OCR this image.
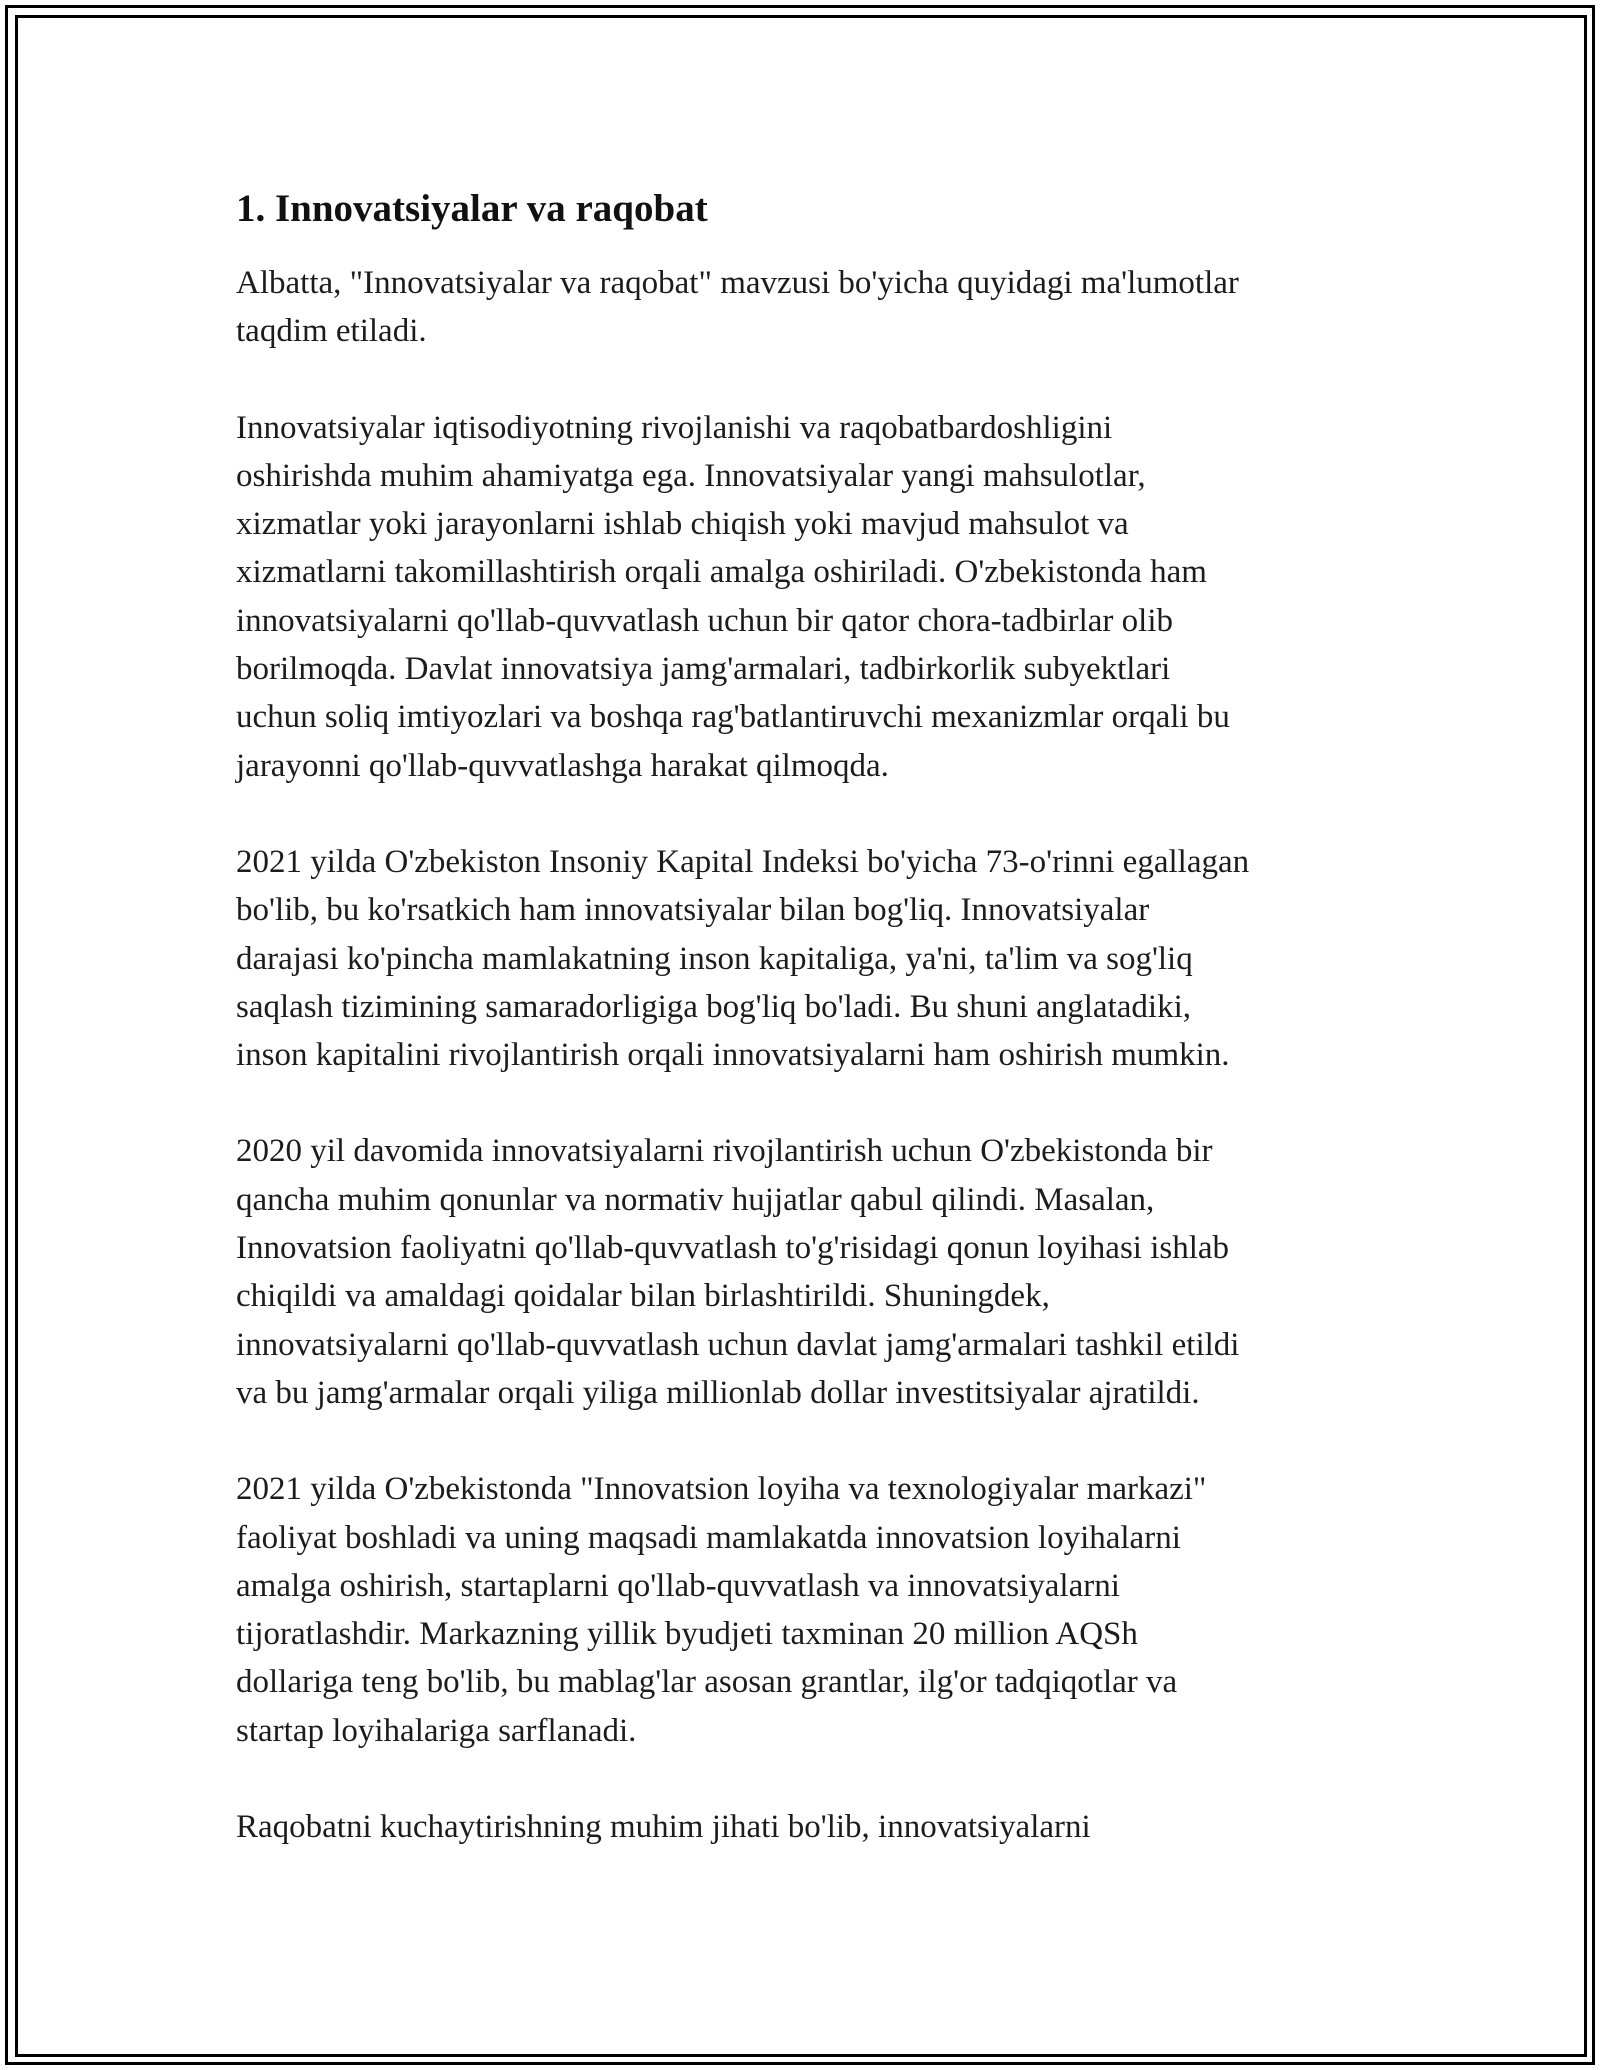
1. Innovatsiyalar va raqobat

Albatta, "Innovatsiyalar va raqobat" mavzusi bo'yicha quyidagi ma'lumotlar
taqdim etiladi.

Innovatsiyalar iqtisodiyotning rivojlanishi va raqobatbardoshligini
oshirishda muhim ahamiyatga ega. Innovatsiyalar yangi mahsulotlar,
xizmatlar yoki jarayonlarni ishlab chiqish yoki mavjud mahsulot va
xizmatlarni takomillashtirish orqali amalga oshiriladi. O'zbekistonda ham
innovatsiyalarni qo'llab-quvvatlash uchun bir qator chora-tadbirlar olib
borilmoqda. Davlat innovatsiya jamg'armalari, tadbirkorlik subyektlari
uchun soliq imtiyozlari va boshqa rag'batlantiruvchi mexanizmlar orqali bu
jarayonni qo'llab-quvvatlashga harakat qilmoqda.

2021 yilda O'zbekiston Insoniy Kapital Indeksi bo'yicha 73-o'rinni egallagan
bo'lib, bu ko'rsatkich ham innovatsiyalar bilan bog'liq. Innovatsiyalar
darajasi ko'pincha mamlakatning inson kapitaliga, ya'ni, ta'lim va sog'liq
saqlash tizimining samaradorligiga bog'liq bo'ladi. Bu shuni anglatadiki,
inson kapitalini rivojlantirish orqali innovatsiyalarni ham oshirish mumkin.

2020 yil davomida innovatsiyalarni rivojlantirish uchun O'zbekistonda bir
qancha muhim qonunlar va normativ hujjatlar qabul qilindi. Masalan,
Innovatsion faoliyatni qo'llab-quvvatlash to'g'risidagi qonun loyihasi ishlab
chiqildi va amaldagi qoidalar bilan birlashtirildi. Shuningdek,
innovatsiyalarni qo'llab-quvvatlash uchun davlat jamg'armalari tashkil etildi
va bu jamg'armalar orqali yiliga millionlab dollar investitsiyalar ajratildi.

2021 yilda O'zbekistonda "Innovatsion loyiha va texnologiyalar markazi"
faoliyat boshladi va uning maqsadi mamlakatda innovatsion loyihalarni
amalga oshirish, startaplarni qo'llab-quvvatlash va innovatsiyalarni
tijoratlashdir. Markazning yillik byudjeti taxminan 20 million AQSh
dollariga teng bo'lib, bu mablag'lar asosan grantlar, ilg'or tadqiqotlar va
startap loyihalariga sarflanadi.

Raqobatni kuchaytirishning muhim jihati bo'lib, innovatsiyalarni
